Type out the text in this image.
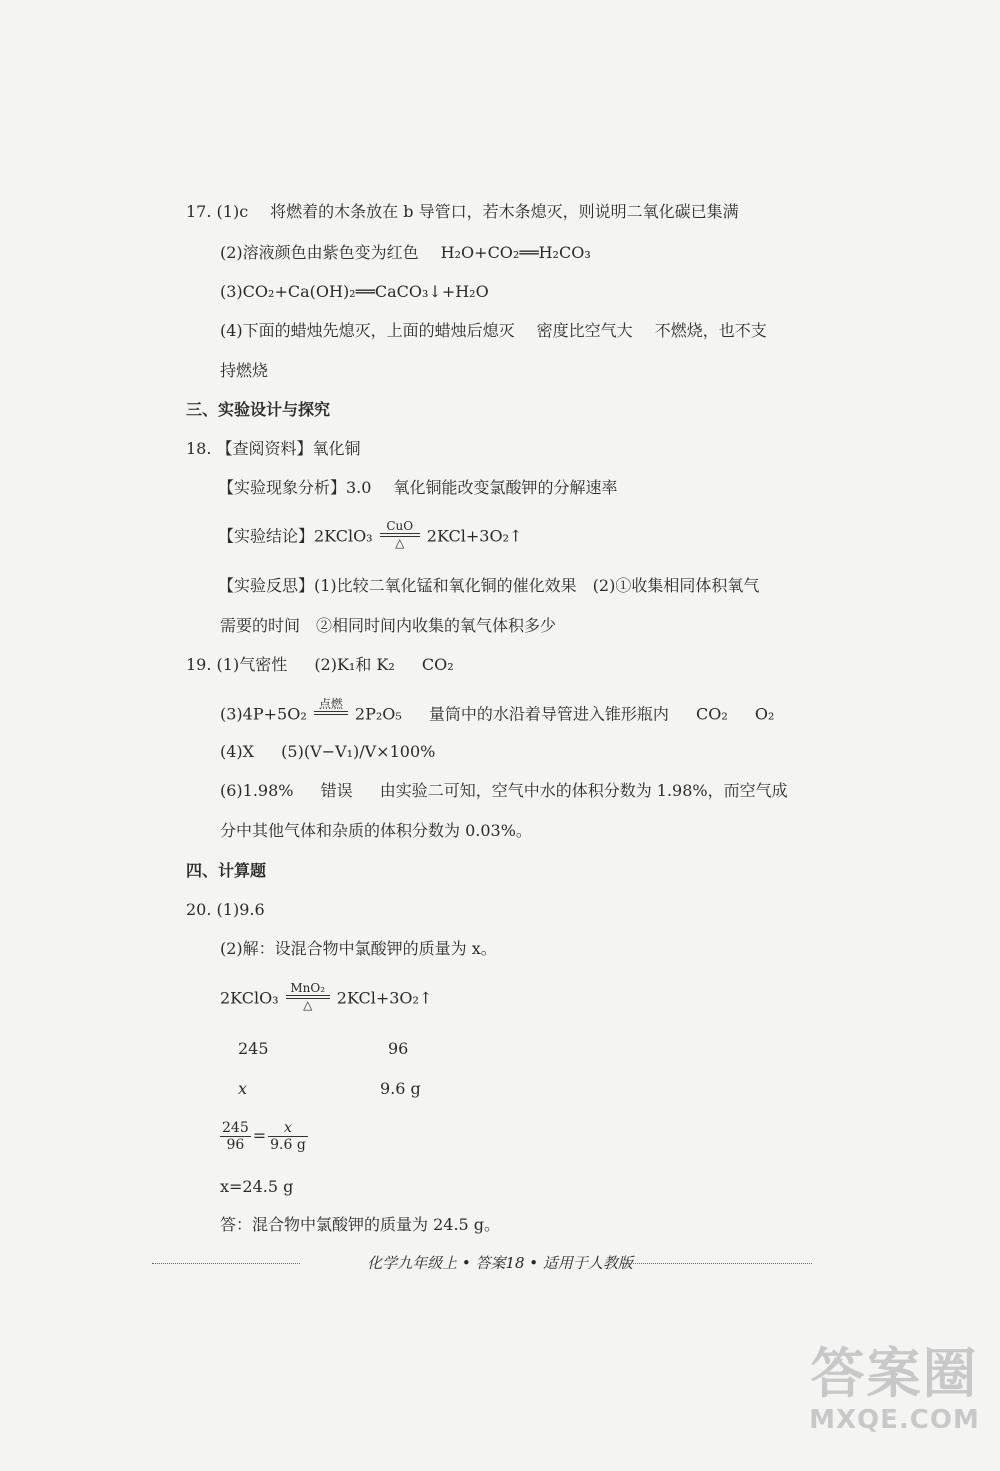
17. (1)c 将燃着的木条放在 b 导管口，若木条熄灭，则说明二氧化碳已集满
(2)溶液颜色由紫色变为红色 H₂O+CO₂══H₂CO₃
(3)CO₂+Ca(OH)₂══CaCO₃↓+H₂O
(4)下面的蜡烛先熄灭，上面的蜡烛后熄灭 密度比空气大 不燃烧，也不支
持燃烧
三、实验设计与探究
18. 【查阅资料】氧化铜
【实验现象分析】3.0 氧化铜能改变氯酸钾的分解速率
【实验结论】2KClO₃
CuO
△	2KCl+3O₂↑
【实验反思】(1)比较二氧化锰和氧化铜的催化效果　(2)①收集相同体积氧气
需要的时间　②相同时间内收集的氧气体积多少
19. (1)气密性 (2)K₁和 K₂ CO₂
(3)4P+5O₂
点燃

2P₂O₅ 量筒中的水沿着导管进入锥形瓶内 CO₂ O₂
(4)X (5)(V−V₁)/V×100%
(6)1.98% 错误 由实验二可知，空气中水的体积分数为 1.98%，而空气成
分中其他气体和杂质的体积分数为 0.03%。
四、计算题
20. (1)9.6
(2)解：设混合物中氯酸钾的质量为 x。
2KClO₃
MnO₂
△	2KCl+3O₂↑
245	96
x	9.6 g
$\frac{245}{96} = \frac{x}{9.6 g}$
x=24.5 g
答：混合物中氯酸钾的质量为 24.5 g。
化学九年级上 • 答案18 • 适用于人教版
答案圈
MXQE.COM
